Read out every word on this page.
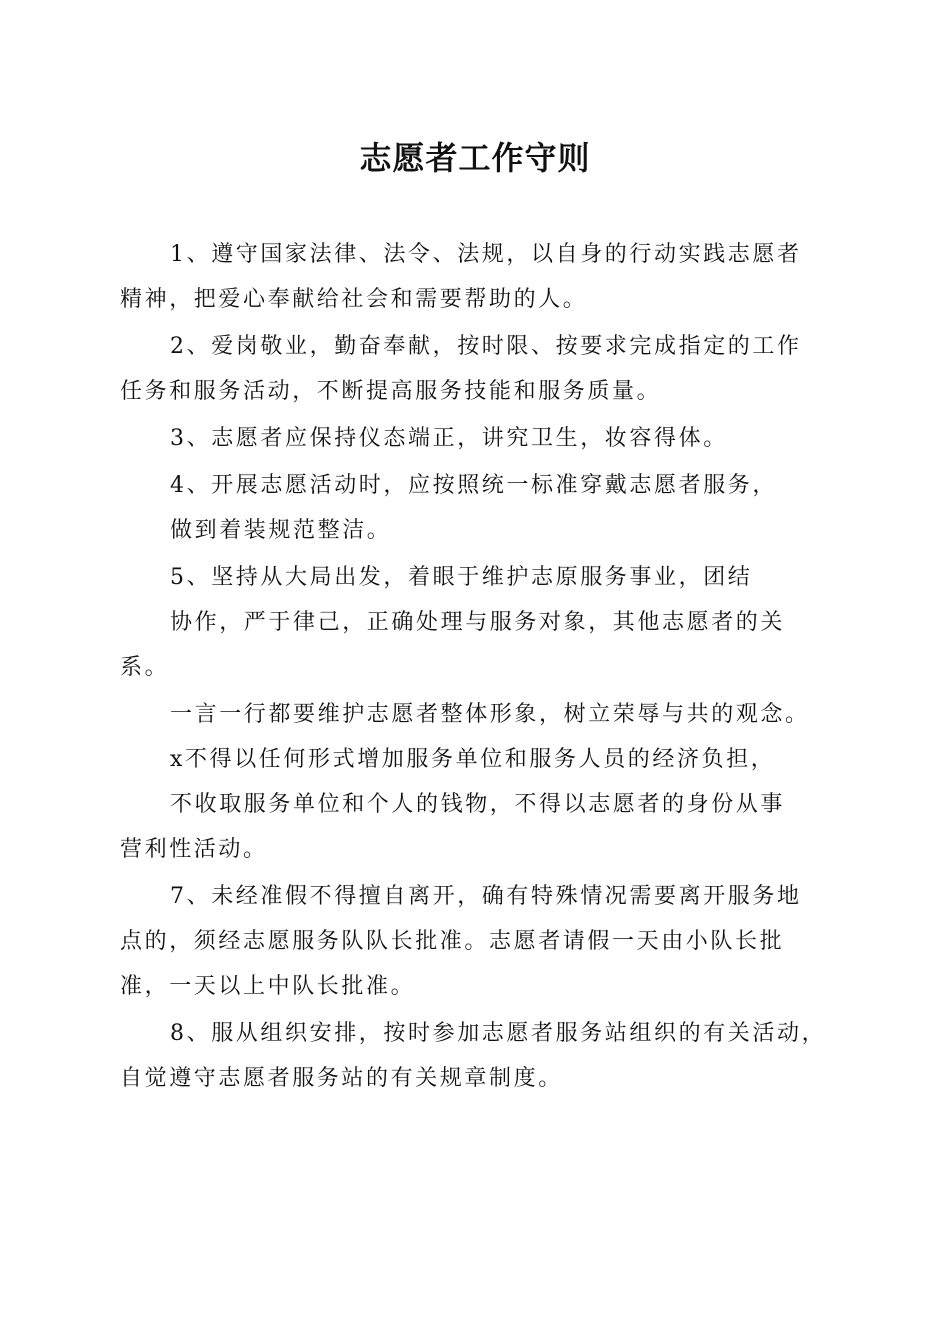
志愿者工作守则
1、遵守国家法律、法令、法规，以自身的行动实践志愿者
精神，把爱心奉献给社会和需要帮助的人。
2、爱岗敬业，勤奋奉献，按时限、按要求完成指定的工作
任务和服务活动，不断提高服务技能和服务质量。
3、志愿者应保持仪态端正，讲究卫生，妆容得体。
4、开展志愿活动时，应按照统一标准穿戴志愿者服务，
做到着装规范整洁。
5、坚持从大局出发，着眼于维护志原服务事业，团结
协作，严于律己，正确处理与服务对象，其他志愿者的关
系。
一言一行都要维护志愿者整体形象，树立荣辱与共的观念。
x不得以任何形式增加服务单位和服务人员的经济负担，
不收取服务单位和个人的钱物，不得以志愿者的身份从事
营利性活动。
7、未经准假不得擅自离开，确有特殊情况需要离开服务地
点的，须经志愿服务队队长批准。志愿者请假一天由小队长批
准，一天以上中队长批准。
8、服从组织安排，按时参加志愿者服务站组织的有关活动，
自觉遵守志愿者服务站的有关规章制度。
